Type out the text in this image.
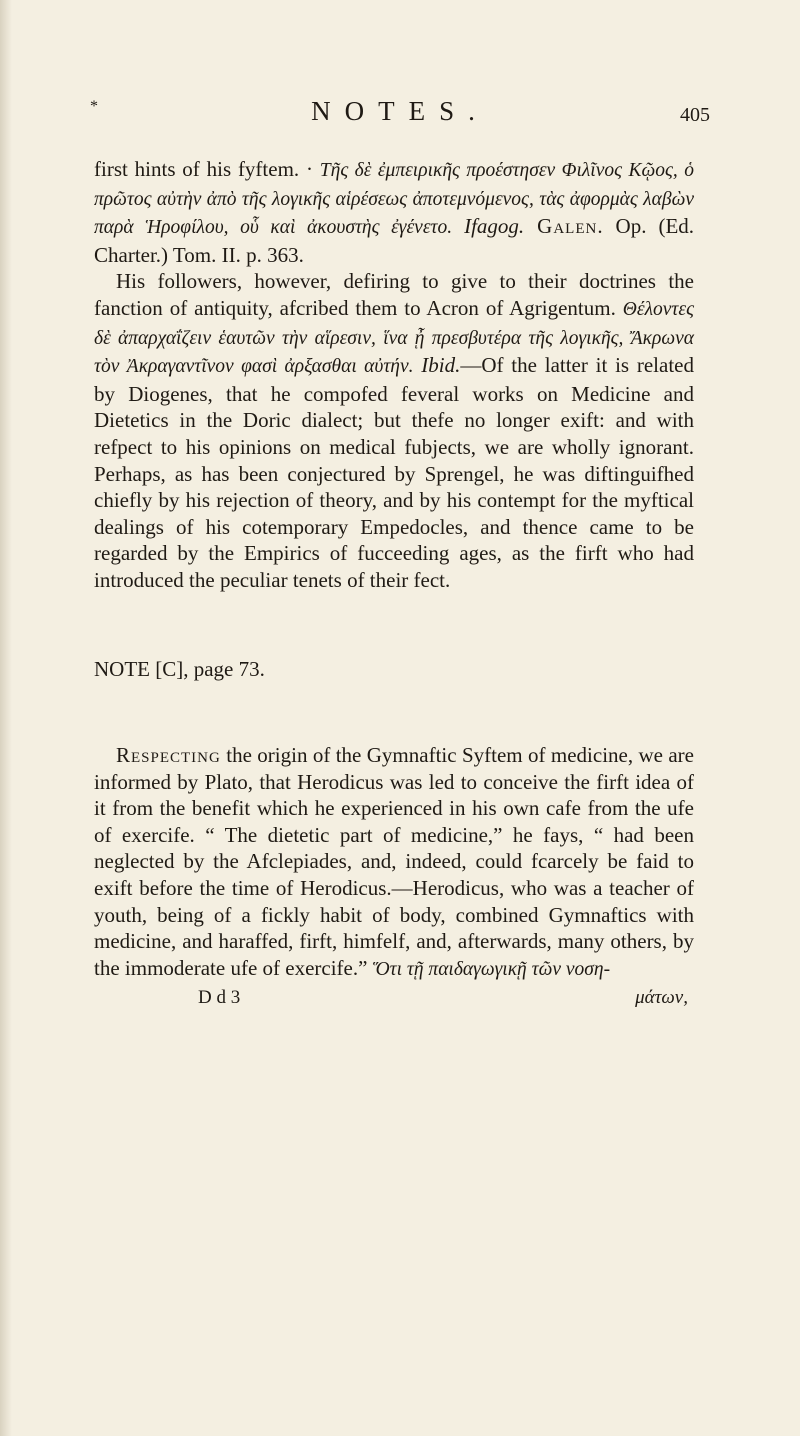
*	NOTES.	405

first hints of his fyftem. · Τῆς δὲ ἐμπειρικῆς προέστησεν Φιλῖνος Κῷος, ὁ πρῶτος αὐτὴν ἀπὸ τῆς λογικῆς αἱρέσεως ἀποτεμνόμενος, τὰς ἀφορμὰς λαβὼν παρὰ Ἡροφίλου, οὗ καὶ ἀκουστὴς ἐγένετο. Ifagog. Galen. Op. (Ed. Charter.) Tom. II. p. 363.

His followers, however, defiring to give to their doctrines the fanction of antiquity, afcribed them to Acron of Agrigentum. Θέλοντες δὲ ἀπαρχαΐζειν ἑαυτῶν τὴν αἵρεσιν, ἵνα ᾖ πρεσβυτέρα τῆς λογικῆς, Ἄκρωνα τὸν Ἀκραγαντῖνον φασὶ ἀρξασθαι αὐτήν. Ibid.—Of the latter it is related by Diogenes, that he compofed feveral works on Medicine and Dietetics in the Doric dialect; but thefe no longer exift: and with refpect to his opinions on medical fubjects, we are wholly ignorant. Perhaps, as has been conjectured by Sprengel, he was diftinguifhed chiefly by his rejection of theory, and by his contempt for the myftical dealings of his cotemporary Empedocles, and thence came to be regarded by the Empirics of fucceeding ages, as the firft who had introduced the peculiar tenets of their fect.

NOTE [C], page 73.

Respecting the origin of the Gymnaftic Syftem of medicine, we are informed by Plato, that Herodicus was led to conceive the firft idea of it from the benefit which he experienced in his own cafe from the ufe of exercife. “ The dietetic part of medicine,” he fays, “ had been neglected by the Afclepiades, and, indeed, could fcarcely be faid to exift before the time of Herodicus.—Herodicus, who was a teacher of youth, being of a fickly habit of body, combined Gymnaftics with medicine, and haraffed, firft, himfelf, and, afterwards, many others, by the immoderate ufe of exercife.” Ὅτι τῇ παιδαγωγικῇ τῶν νοση-

D d 3	μάτων,
